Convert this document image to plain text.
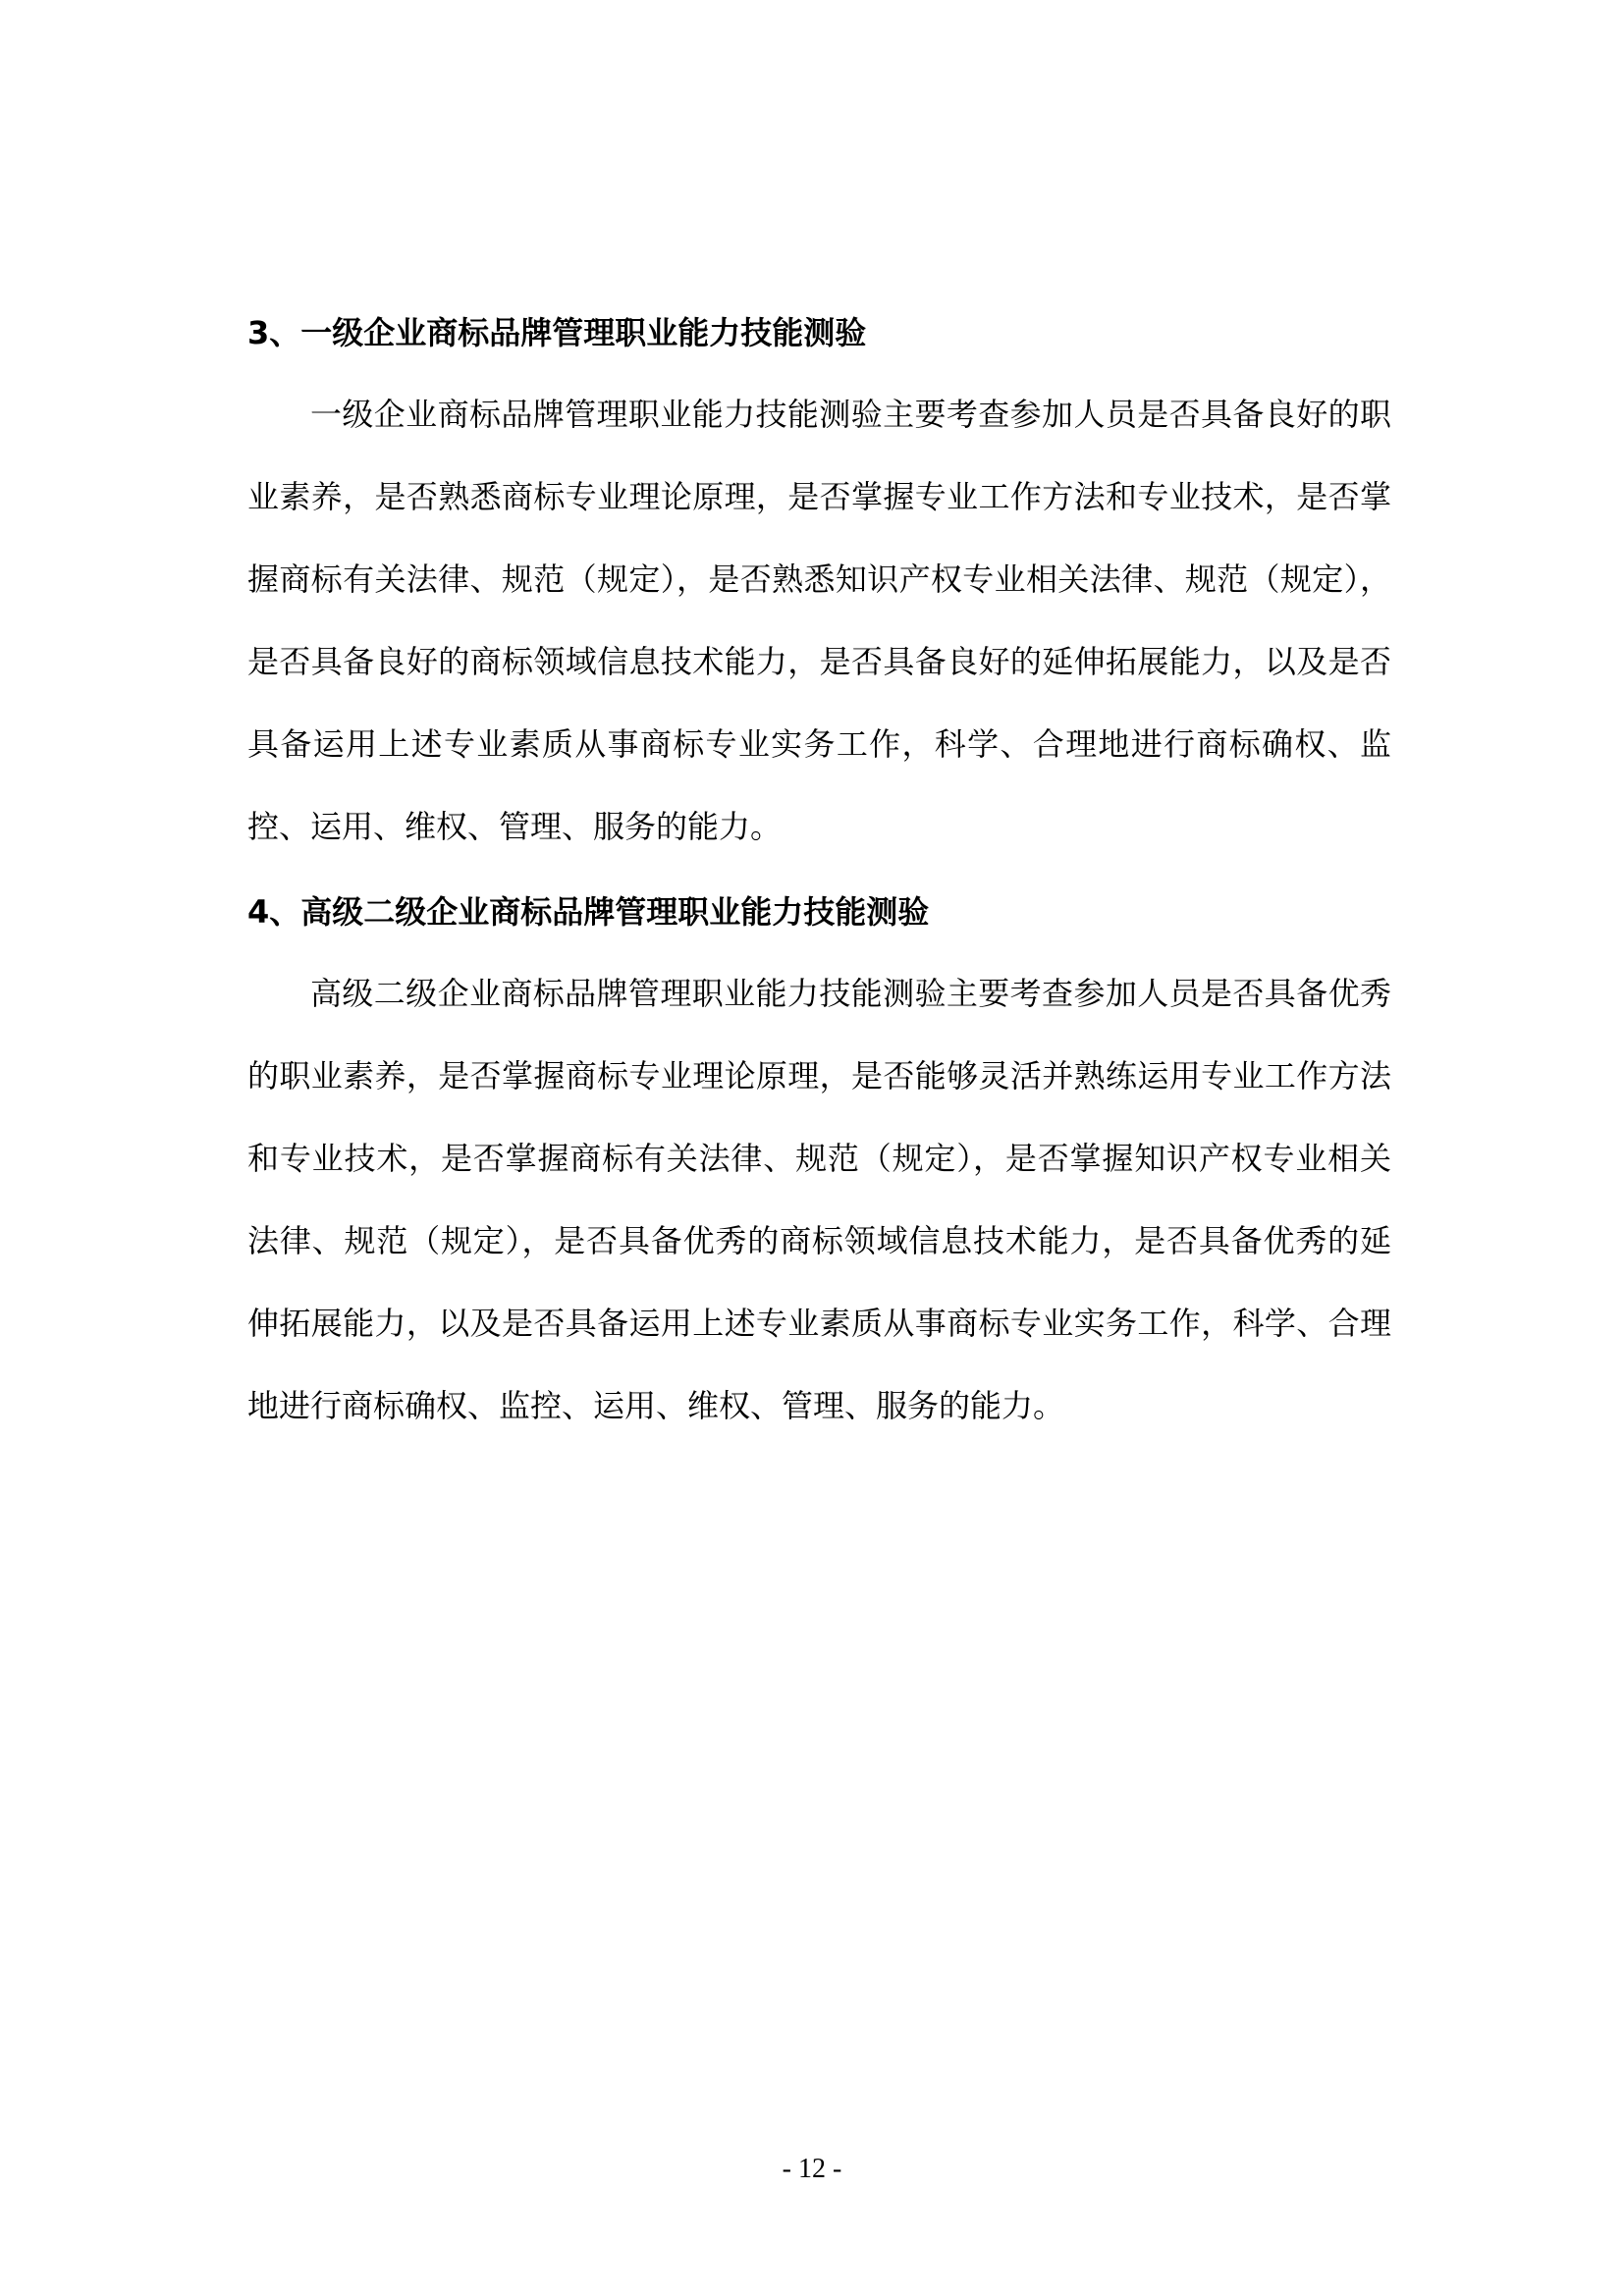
3、一级企业商标品牌管理职业能力技能测验

一级企业商标品牌管理职业能力技能测验主要考查参加人员是否具备良好的职业素养，是否熟悉商标专业理论原理，是否掌握专业工作方法和专业技术，是否掌握商标有关法律、规范（规定），是否熟悉知识产权专业相关法律、规范（规定），是否具备良好的商标领域信息技术能力，是否具备良好的延伸拓展能力，以及是否具备运用上述专业素质从事商标专业实务工作，科学、合理地进行商标确权、监控、运用、维权、管理、服务的能力。

4、高级二级企业商标品牌管理职业能力技能测验

高级二级企业商标品牌管理职业能力技能测验主要考查参加人员是否具备优秀的职业素养，是否掌握商标专业理论原理，是否能够灵活并熟练运用专业工作方法和专业技术，是否掌握商标有关法律、规范（规定），是否掌握知识产权专业相关法律、规范（规定），是否具备优秀的商标领域信息技术能力，是否具备优秀的延伸拓展能力，以及是否具备运用上述专业素质从事商标专业实务工作，科学、合理地进行商标确权、监控、运用、维权、管理、服务的能力。

- 12 -
